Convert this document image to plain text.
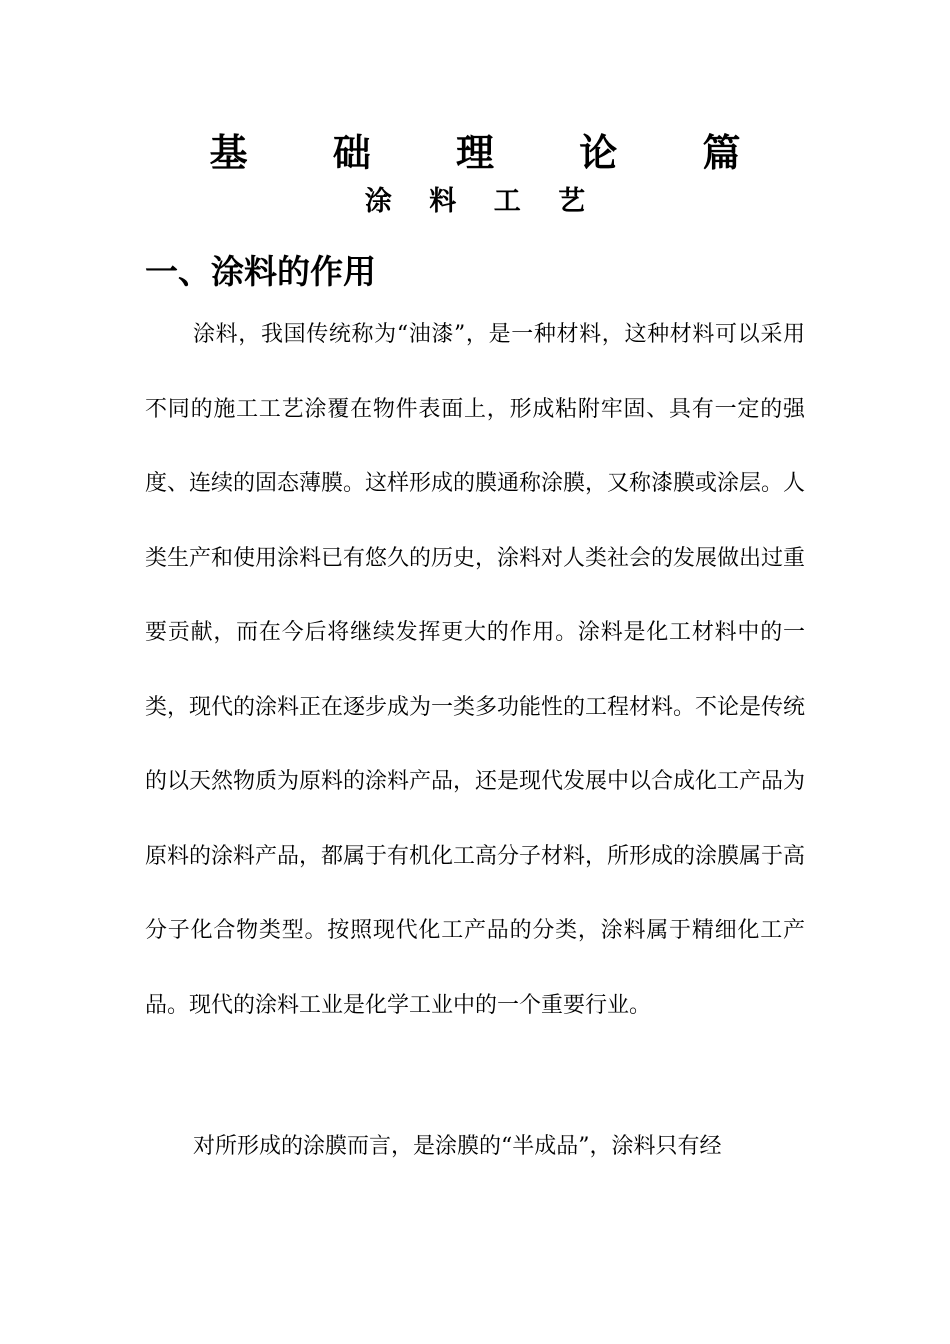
基 础 理 论 篇
涂 料 工 艺
一、涂料的作用
涂料，我国传统称为“油漆”，是一种材料，这种材料可以采用不同的施工工艺涂覆在物件表面上，形成粘附牢固、具有一定的强度、连续的固态薄膜。这样形成的膜通称涂膜，又称漆膜或涂层。人类生产和使用涂料已有悠久的历史，涂料对人类社会的发展做出过重要贡献，而在今后将继续发挥更大的作用。涂料是化工材料中的一类，现代的涂料正在逐步成为一类多功能性的工程材料。不论是传统的以天然物质为原料的涂料产品，还是现代发展中以合成化工产品为原料的涂料产品，都属于有机化工高分子材料，所形成的涂膜属于高分子化合物类型。按照现代化工产品的分类，涂料属于精细化工产品。现代的涂料工业是化学工业中的一个重要行业。
对所形成的涂膜而言，是涂膜的“半成品”，涂料只有经
